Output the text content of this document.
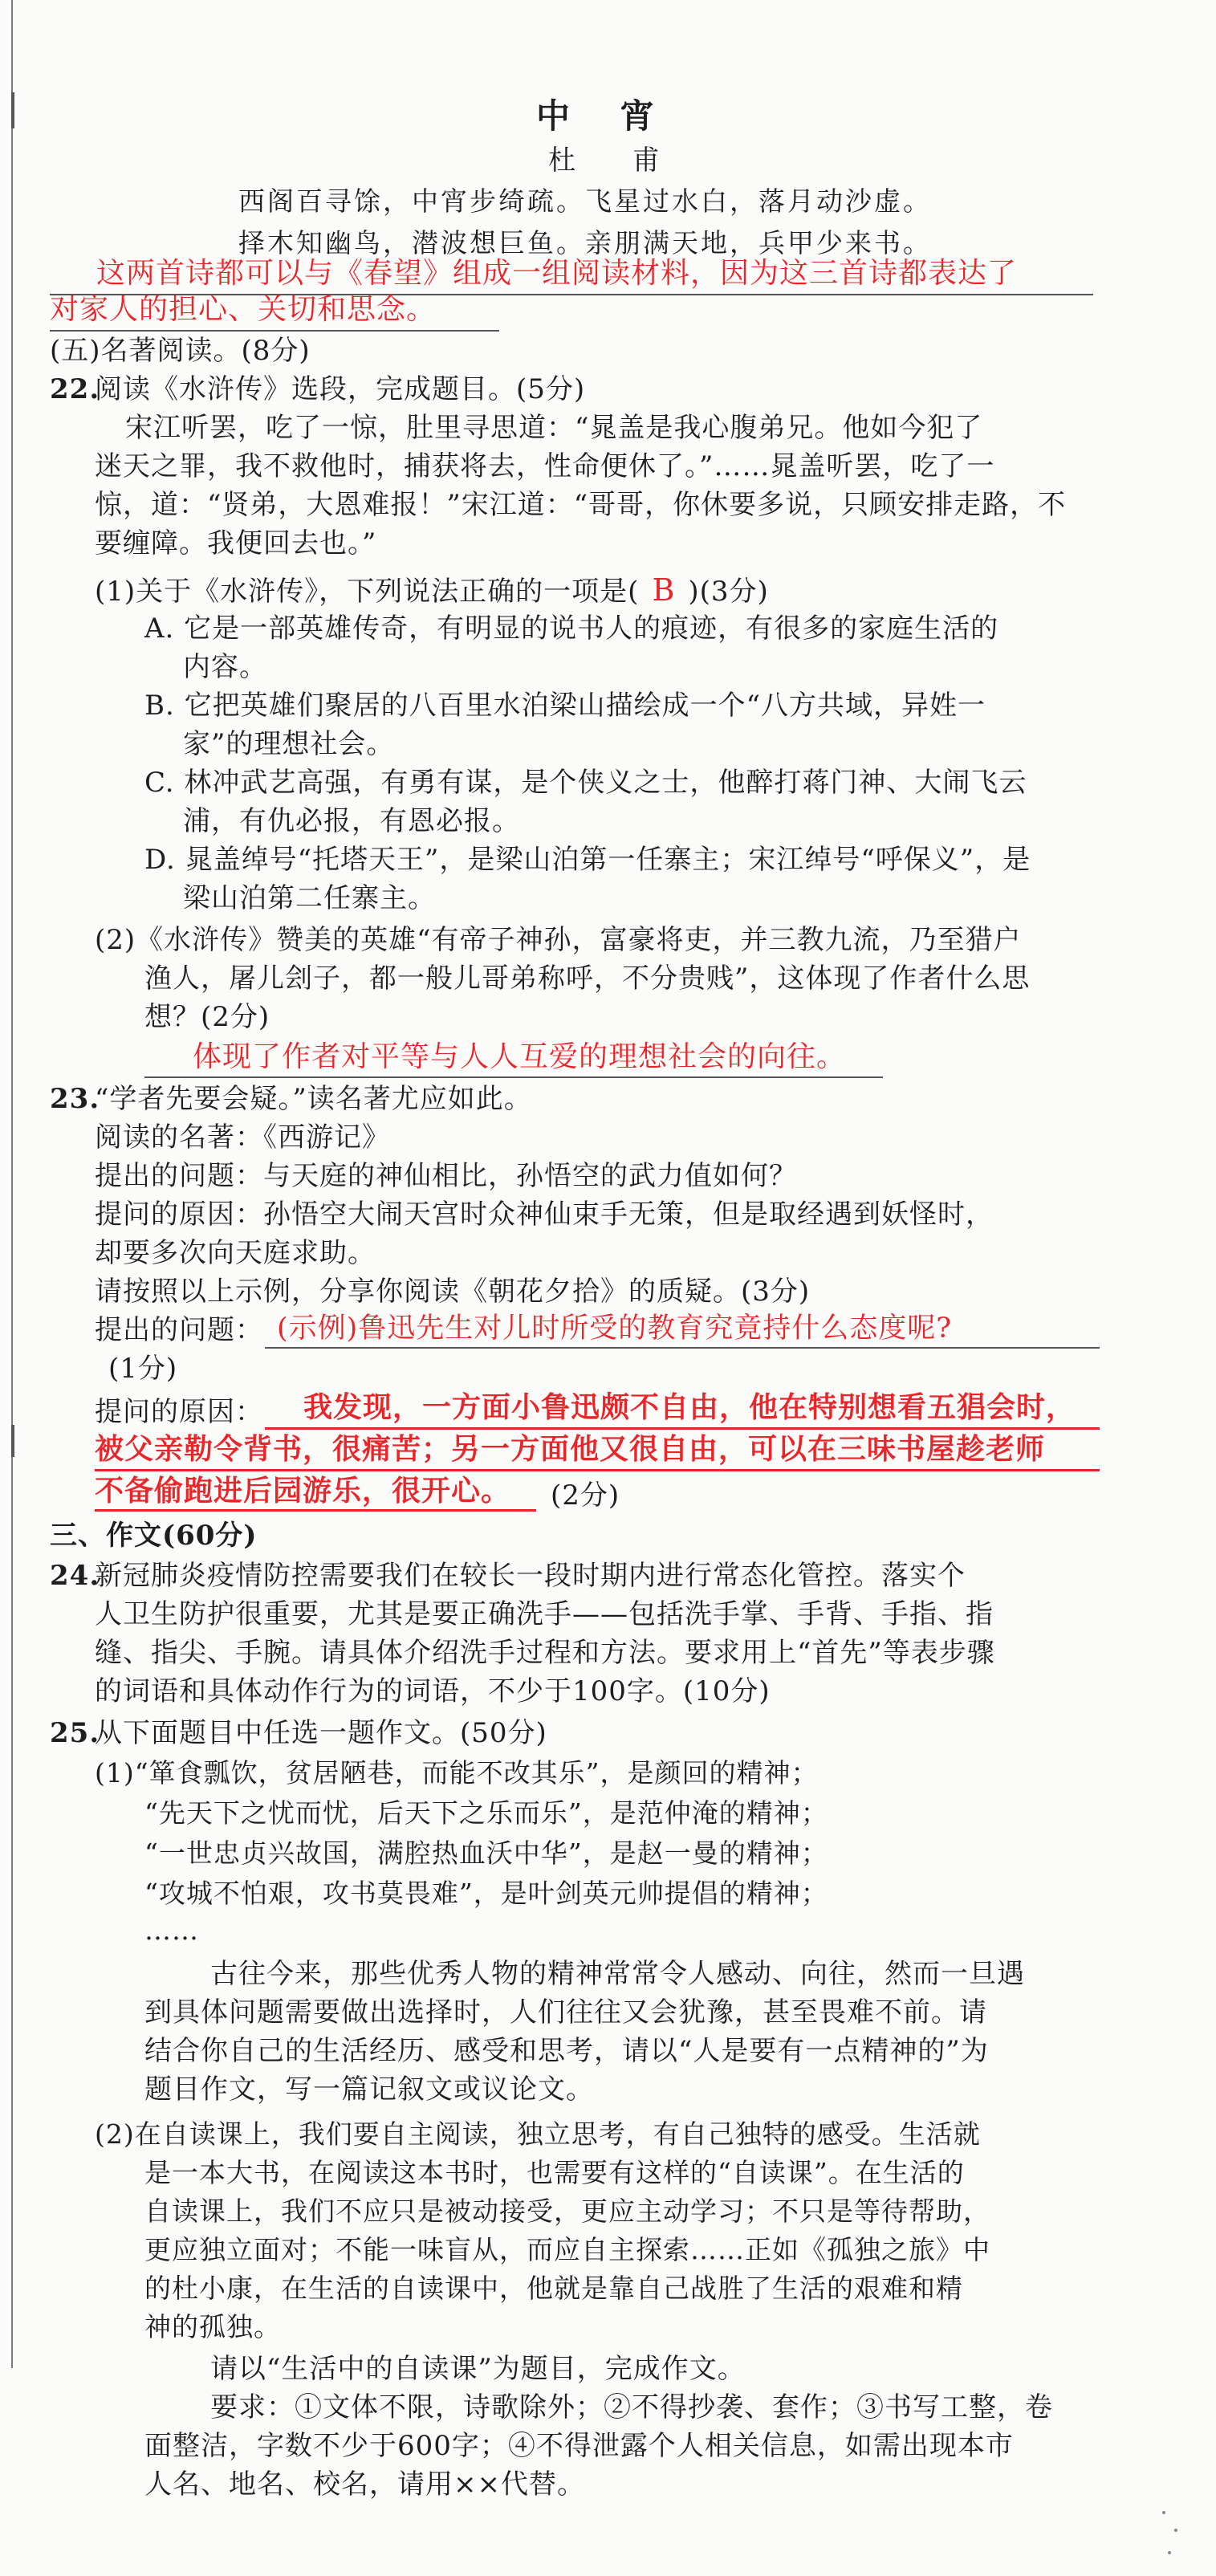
中 宵
杜 甫
西阁百寻馀，中宵步绮疏。飞星过水白，落月动沙虚。
择木知幽鸟，潜波想巨鱼。亲朋满天地，兵甲少来书。
这两首诗都可以与《春望》组成一组阅读材料，因为这三首诗都表达了
对家人的担心、关切和思念。
(五)名著阅读。(8分)
22.
阅读《水浒传》选段，完成题目。(5分)
宋江听罢，吃了一惊，肚里寻思道：“晁盖是我心腹弟兄。他如今犯了
迷天之罪，我不救他时，捕获将去，性命便休了。”……晁盖听罢，吃了一
惊，道：“贤弟，大恩难报！”宋江道：“哥哥，你休要多说，只顾安排走路，不
要缠障。我便回去也。”
(1)关于《水浒传》，下列说法正确的一项是( B )(3分)
A. 它是一部英雄传奇，有明显的说书人的痕迹，有很多的家庭生活的
内容。
B. 它把英雄们聚居的八百里水泊梁山描绘成一个“八方共域，异姓一
家”的理想社会。
C. 林冲武艺高强，有勇有谋，是个侠义之士，他醉打蒋门神、大闹飞云
浦，有仇必报，有恩必报。
D. 晁盖绰号“托塔天王”，是梁山泊第一任寨主；宋江绰号“呼保义”，是
梁山泊第二任寨主。
(2)《水浒传》赞美的英雄“有帝子神孙，富豪将吏，并三教九流，乃至猎户
渔人，屠儿刽子，都一般儿哥弟称呼，不分贵贱”，这体现了作者什么思
想？(2分)
体现了作者对平等与人人互爱的理想社会的向往。
23.
“学者先要会疑。”读名著尤应如此。
阅读的名著：《西游记》
提出的问题：与天庭的神仙相比，孙悟空的武力值如何？
提问的原因：孙悟空大闹天宫时众神仙束手无策，但是取经遇到妖怪时，
却要多次向天庭求助。
请按照以上示例，分享你阅读《朝花夕拾》的质疑。(3分)
提出的问题： (示例)鲁迅先生对儿时所受的教育究竟持什么态度呢?
(1分)
提问的原因： 我发现，一方面小鲁迅颇不自由，他在特别想看五猖会时，
被父亲勒令背书，很痛苦；另一方面他又很自由，可以在三味书屋趁老师
不备偷跑进后园游乐，很开心。 (2分)
三、作文(60分)
24.
新冠肺炎疫情防控需要我们在较长一段时期内进行常态化管控。落实个
人卫生防护很重要，尤其是要正确洗手——包括洗手掌、手背、手指、指
缝、指尖、手腕。请具体介绍洗手过程和方法。要求用上“首先”等表步骤
的词语和具体动作行为的词语，不少于100字。(10分)
25.
从下面题目中任选一题作文。(50分)
(1)“箪食瓢饮，贫居陋巷，而能不改其乐”，是颜回的精神；
“先天下之忧而忧，后天下之乐而乐”，是范仲淹的精神；
“一世忠贞兴故国，满腔热血沃中华”，是赵一曼的精神；
“攻城不怕艰，攻书莫畏难”，是叶剑英元帅提倡的精神；
……
古往今来，那些优秀人物的精神常常令人感动、向往，然而一旦遇
到具体问题需要做出选择时，人们往往又会犹豫，甚至畏难不前。请
结合你自己的生活经历、感受和思考，请以“人是要有一点精神的”为
题目作文，写一篇记叙文或议论文。
(2)在自读课上，我们要自主阅读，独立思考，有自己独特的感受。生活就
是一本大书，在阅读这本书时，也需要有这样的“自读课”。在生活的
自读课上，我们不应只是被动接受，更应主动学习；不只是等待帮助，
更应独立面对；不能一味盲从，而应自主探索……正如《孤独之旅》中
的杜小康，在生活的自读课中，他就是靠自己战胜了生活的艰难和精
神的孤独。
请以“生活中的自读课”为题目，完成作文。
要求：①文体不限，诗歌除外；②不得抄袭、套作；③书写工整，卷
面整洁，字数不少于600字；④不得泄露个人相关信息，如需出现本市
人名、地名、校名，请用××代替。
